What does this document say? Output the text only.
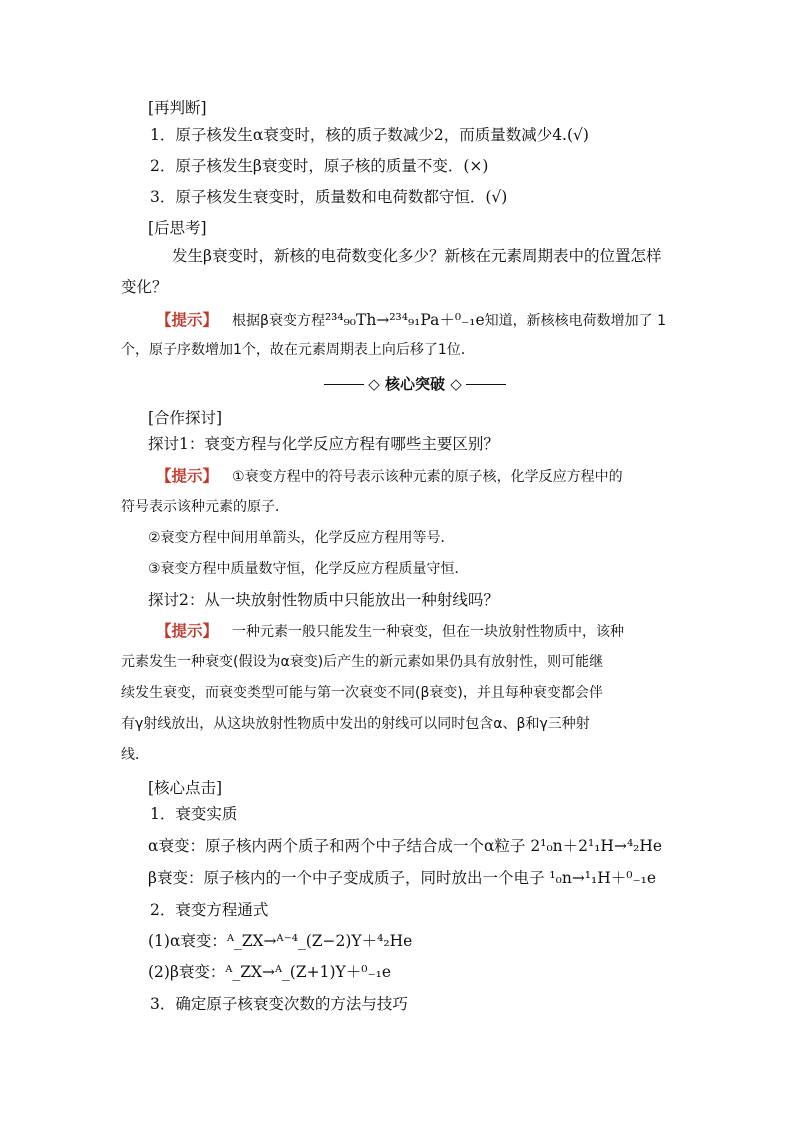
[再判断]
1．原子核发生α衰变时，核的质子数减少2，而质量数减少4.(√)
2．原子核发生β衰变时，原子核的质量不变．(×)
3．原子核发生衰变时，质量数和电荷数都守恒．(√)
[后思考]
发生β衰变时，新核的电荷数变化多少？新核在元素周期表中的位置怎样
变化？
【提示】 根据β衰变方程²³⁴₉₀Th→²³⁴₉₁Pa＋⁰₋₁e知道，新核核电荷数增加了 1
个，原子序数增加1个，故在元素周期表上向后移了1位．
◇ 核心突破 ◇
[合作探讨]
探讨1：衰变方程与化学反应方程有哪些主要区别？
【提示】 ①衰变方程中的符号表示该种元素的原子核，化学反应方程中的
符号表示该种元素的原子．
②衰变方程中间用单箭头，化学反应方程用等号．
③衰变方程中质量数守恒，化学反应方程质量守恒．
探讨2：从一块放射性物质中只能放出一种射线吗？
【提示】 一种元素一般只能发生一种衰变，但在一块放射性物质中，该种
元素发生一种衰变(假设为α衰变)后产生的新元素如果仍具有放射性，则可能继
续发生衰变，而衰变类型可能与第一次衰变不同(β衰变)，并且每种衰变都会伴
有γ射线放出，从这块放射性物质中发出的射线可以同时包含α、β和γ三种射
线．
[核心点击]
1．衰变实质
α衰变：原子核内两个质子和两个中子结合成一个α粒子 2¹₀n＋2¹₁H→⁴₂He
β衰变：原子核内的一个中子变成质子，同时放出一个电子 ¹₀n→¹₁H＋⁰₋₁e
2．衰变方程通式
(1)α衰变：ᴬ_ZX→ᴬ⁻⁴_(Z−2)Y＋⁴₂He
(2)β衰变：ᴬ_ZX→ᴬ_(Z+1)Y＋⁰₋₁e
3．确定原子核衰变次数的方法与技巧
